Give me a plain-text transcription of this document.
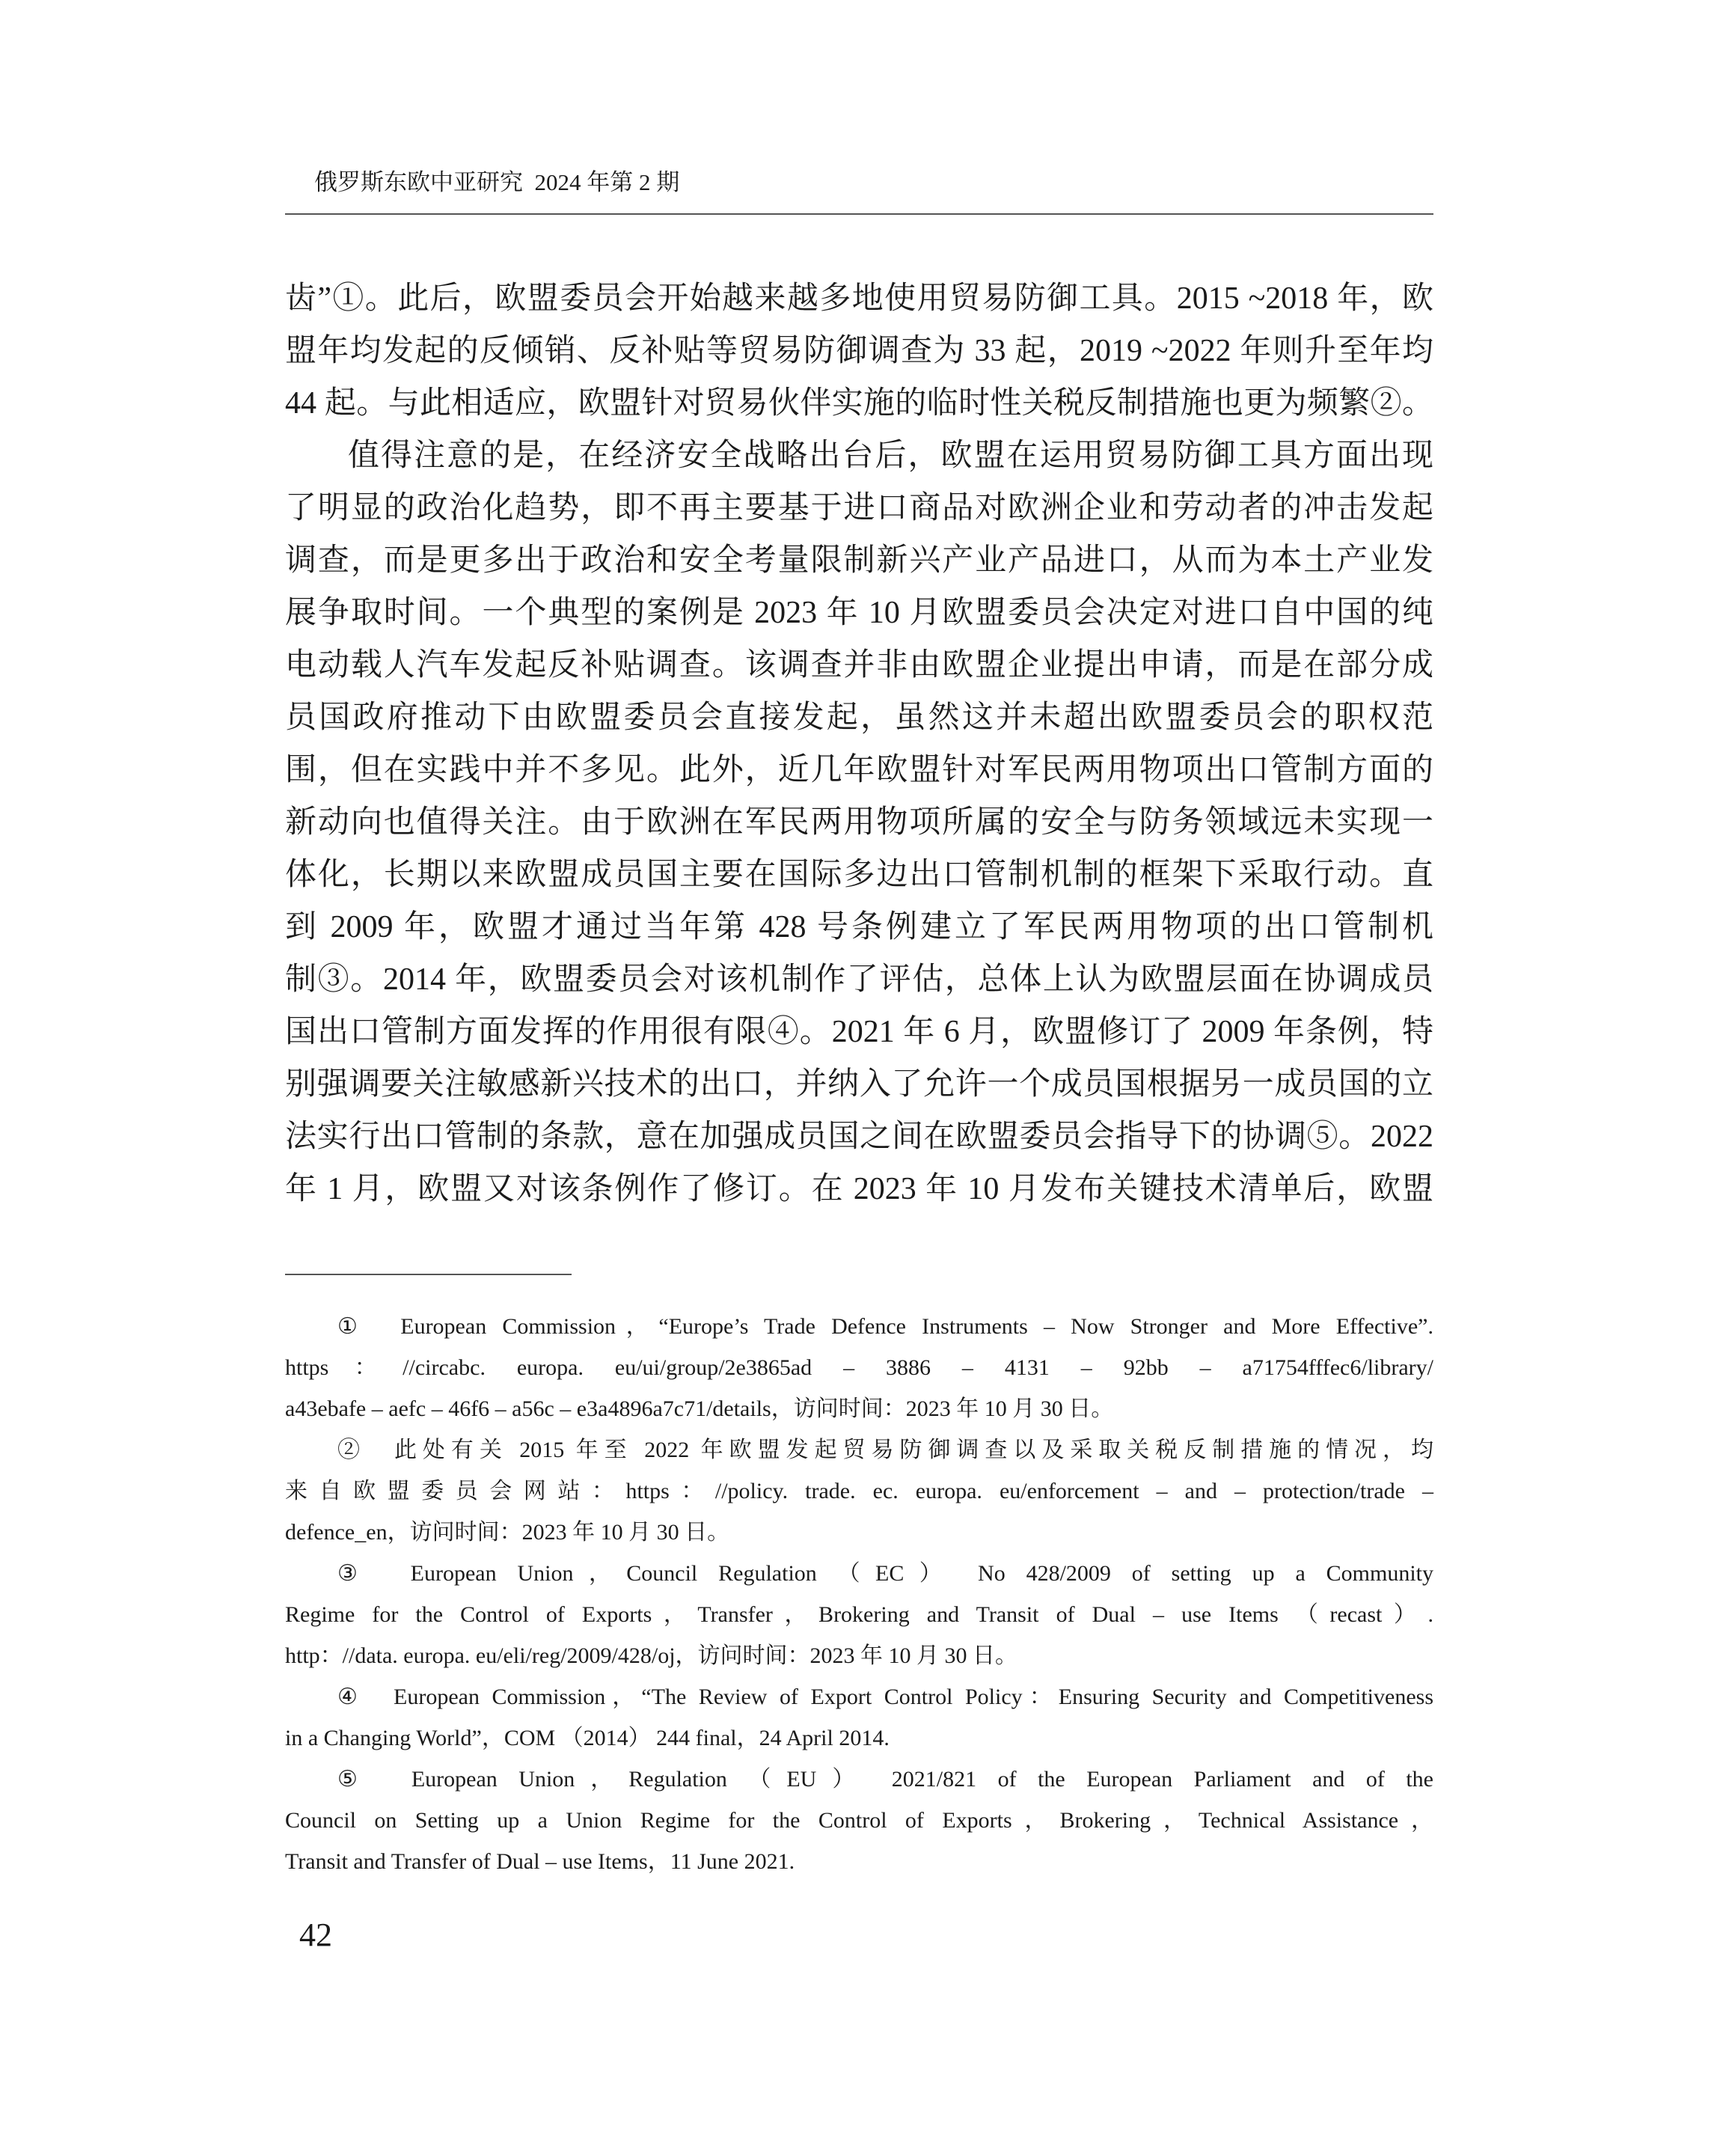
俄罗斯东欧中亚研究  2024 年第 2 期
齿”①。此后，欧盟委员会开始越来越多地使用贸易防御工具。2015 ~2018 年，欧
盟年均发起的反倾销、反补贴等贸易防御调查为 33 起，2019 ~2022 年则升至年均
44 起。与此相适应，欧盟针对贸易伙伴实施的临时性关税反制措施也更为频繁②。
值得注意的是，在经济安全战略出台后，欧盟在运用贸易防御工具方面出现
了明显的政治化趋势，即不再主要基于进口商品对欧洲企业和劳动者的冲击发起
调查，而是更多出于政治和安全考量限制新兴产业产品进口，从而为本土产业发
展争取时间。一个典型的案例是 2023 年 10 月欧盟委员会决定对进口自中国的纯
电动载人汽车发起反补贴调查。该调查并非由欧盟企业提出申请，而是在部分成
员国政府推动下由欧盟委员会直接发起，虽然这并未超出欧盟委员会的职权范
围，但在实践中并不多见。此外，近几年欧盟针对军民两用物项出口管制方面的
新动向也值得关注。由于欧洲在军民两用物项所属的安全与防务领域远未实现一
体化，长期以来欧盟成员国主要在国际多边出口管制机制的框架下采取行动。直
到 2009 年，欧盟才通过当年第 428 号条例建立了军民两用物项的出口管制机
制③。2014 年，欧盟委员会对该机制作了评估，总体上认为欧盟层面在协调成员
国出口管制方面发挥的作用很有限④。2021 年 6 月，欧盟修订了 2009 年条例，特
别强调要关注敏感新兴技术的出口，并纳入了允许一个成员国根据另一成员国的立
法实行出口管制的条款，意在加强成员国之间在欧盟委员会指导下的协调⑤。2022
年 1 月，欧盟又对该条例作了修订。在 2023 年 10 月发布关键技术清单后，欧盟
①　European Commission，“Europe’s Trade Defence Instruments – Now Stronger and More Effective”.
https：//circabc. europa. eu/ui/group/2e3865ad – 3886 – 4131 – 92bb – a71754fffec6/library/
a43ebafe – aefc – 46f6 – a56c – e3a4896a7c71/details，访问时间：2023 年 10 月 30 日。
②　此处有关 2015 年至 2022 年欧盟发起贸易防御调查以及采取关税反制措施的情况，均
来自欧盟委员会网站：https：//policy. trade. ec. europa. eu/enforcement – and – protection/trade –
defence_en，访问时间：2023 年 10 月 30 日。
③　European Union，Council Regulation （EC） No 428/2009 of setting up a Community
Regime for the Control of Exports，Transfer，Brokering and Transit of Dual – use Items （recast）.
http：//data. europa. eu/eli/reg/2009/428/oj，访问时间：2023 年 10 月 30 日。
④　European Commission，“The Review of Export Control Policy：Ensuring Security and Competitiveness
in a Changing World”，COM （2014） 244 final，24 April 2014.
⑤　European Union，Regulation （EU） 2021/821 of the European Parliament and of the
Council on Setting up a Union Regime for the Control of Exports，Brokering，Technical Assistance，
Transit and Transfer of Dual – use Items，11 June 2021.
42
